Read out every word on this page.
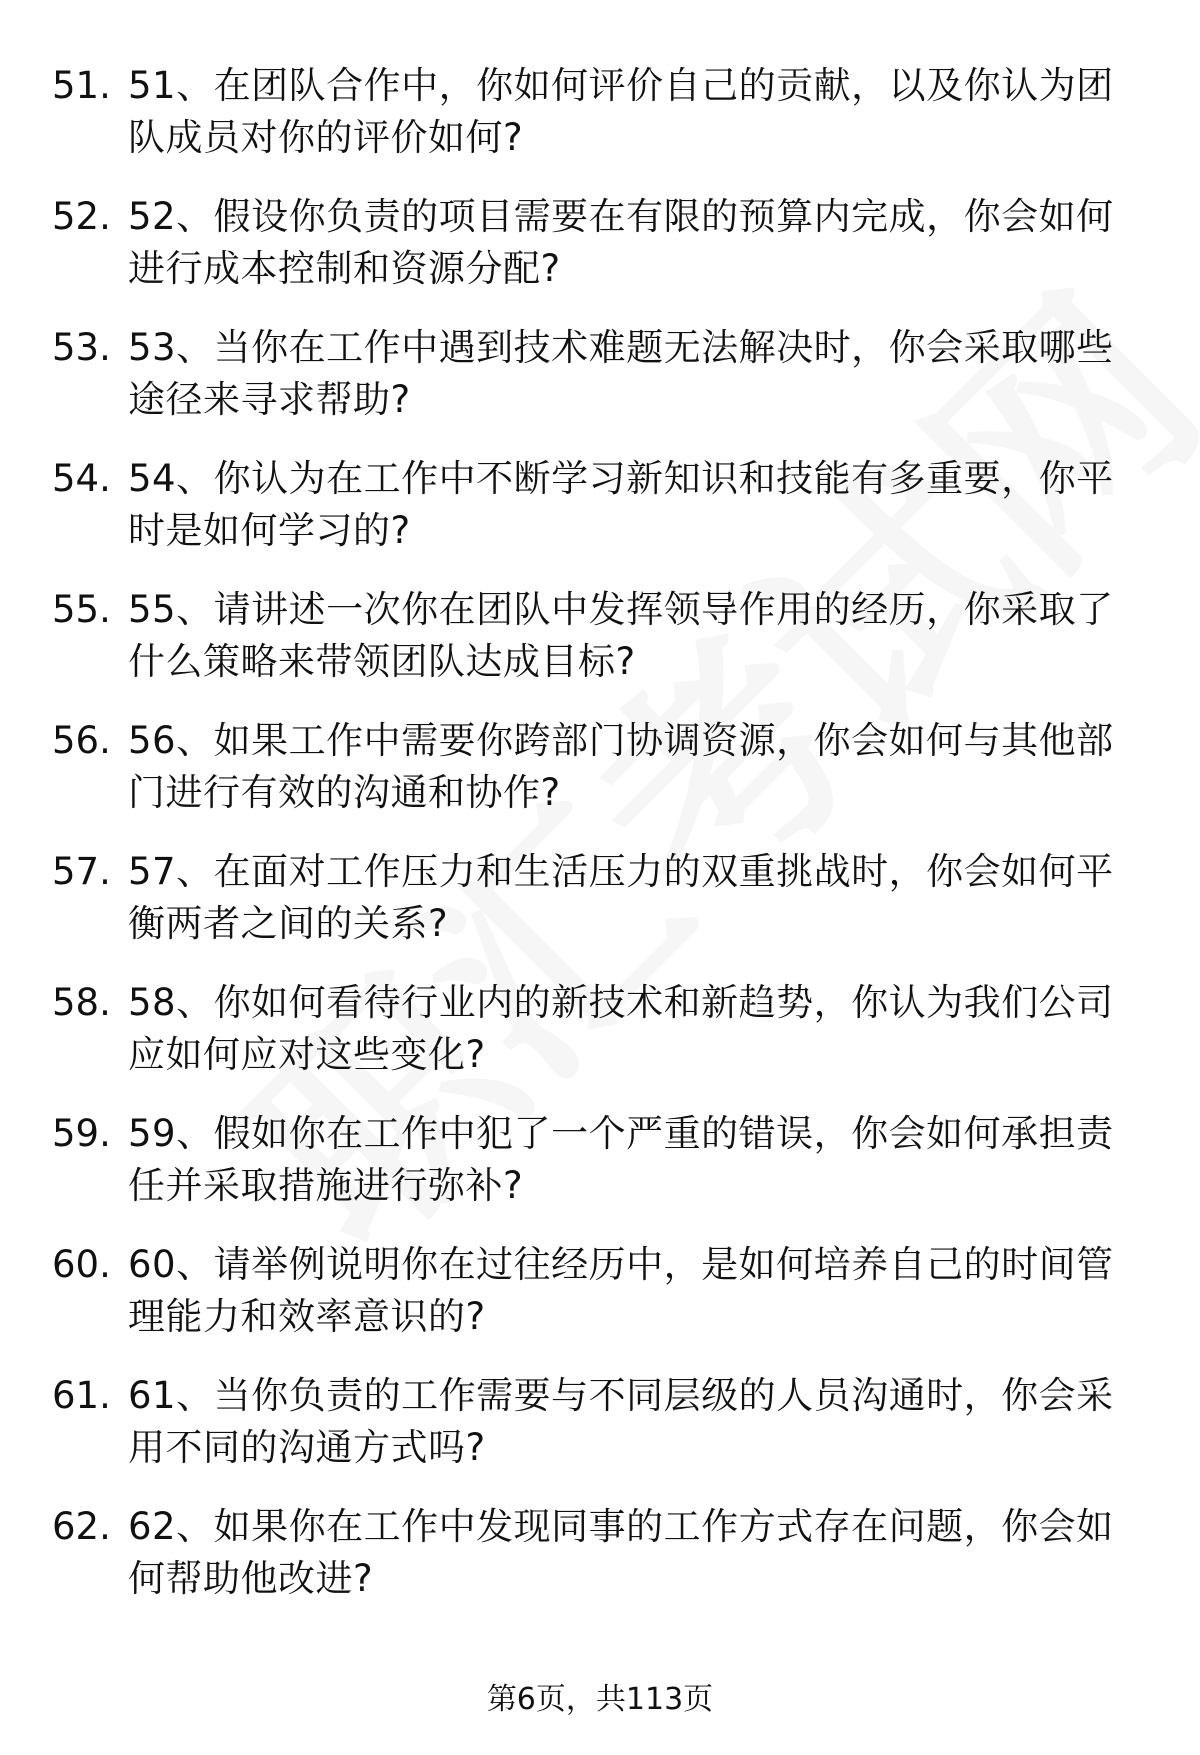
51. 51、在团队合作中，你如何评价自己的贡献，以及你认为团队成员对你的评价如何?
52. 52、假设你负责的项目需要在有限的预算内完成，你会如何进行成本控制和资源分配?
53. 53、当你在工作中遇到技术难题无法解决时，你会采取哪些途径来寻求帮助?
54. 54、你认为在工作中不断学习新知识和技能有多重要，你平时是如何学习的?
55. 55、请讲述一次你在团队中发挥领导作用的经历，你采取了什么策略来带领团队达成目标?
56. 56、如果工作中需要你跨部门协调资源，你会如何与其他部门进行有效的沟通和协作?
57. 57、在面对工作压力和生活压力的双重挑战时，你会如何平衡两者之间的关系?
58. 58、你如何看待行业内的新技术和新趋势，你认为我们公司应如何应对这些变化?
59. 59、假如你在工作中犯了一个严重的错误，你会如何承担责任并采取措施进行弥补?
60. 60、请举例说明你在过往经历中，是如何培养自己的时间管理能力和效率意识的?
61. 61、当你负责的工作需要与不同层级的人员沟通时，你会采用不同的沟通方式吗?
62. 62、如果你在工作中发现同事的工作方式存在问题，你会如何帮助他改进?
第6页，共113页
